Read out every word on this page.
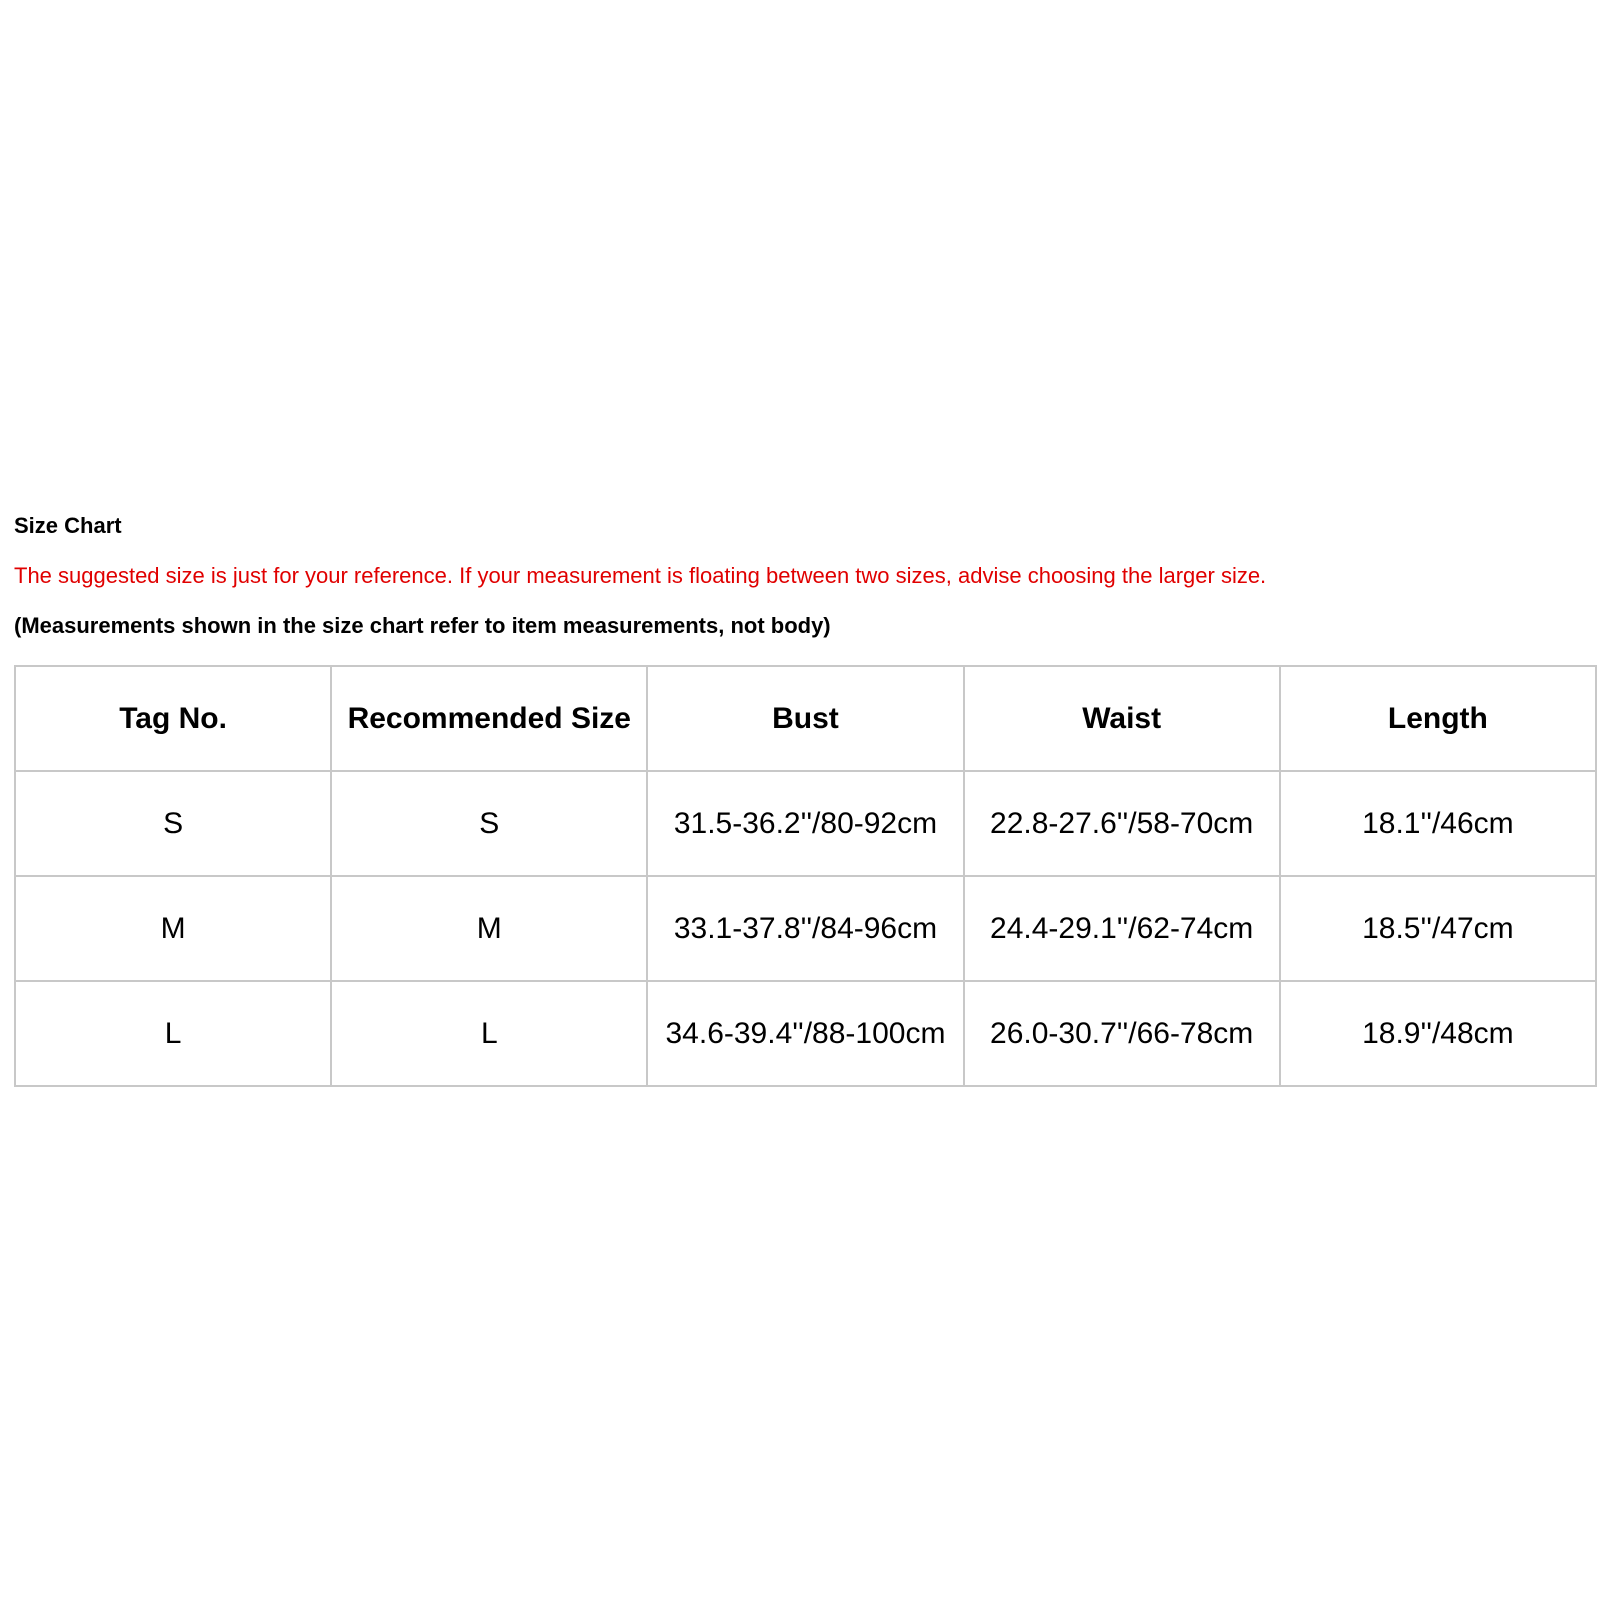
Size Chart
The suggested size is just for your reference. If your measurement is floating between two sizes, advise choosing the larger size.
(Measurements shown in the size chart refer to item measurements, not body)
Tag No.	Recommended Size	Bust	Waist	Length
S	S	31.5-36.2''/80-92cm	22.8-27.6''/58-70cm	18.1''/46cm
M	M	33.1-37.8''/84-96cm	24.4-29.1''/62-74cm	18.5''/47cm
L	L	34.6-39.4''/88-100cm	26.0-30.7''/66-78cm	18.9''/48cm
